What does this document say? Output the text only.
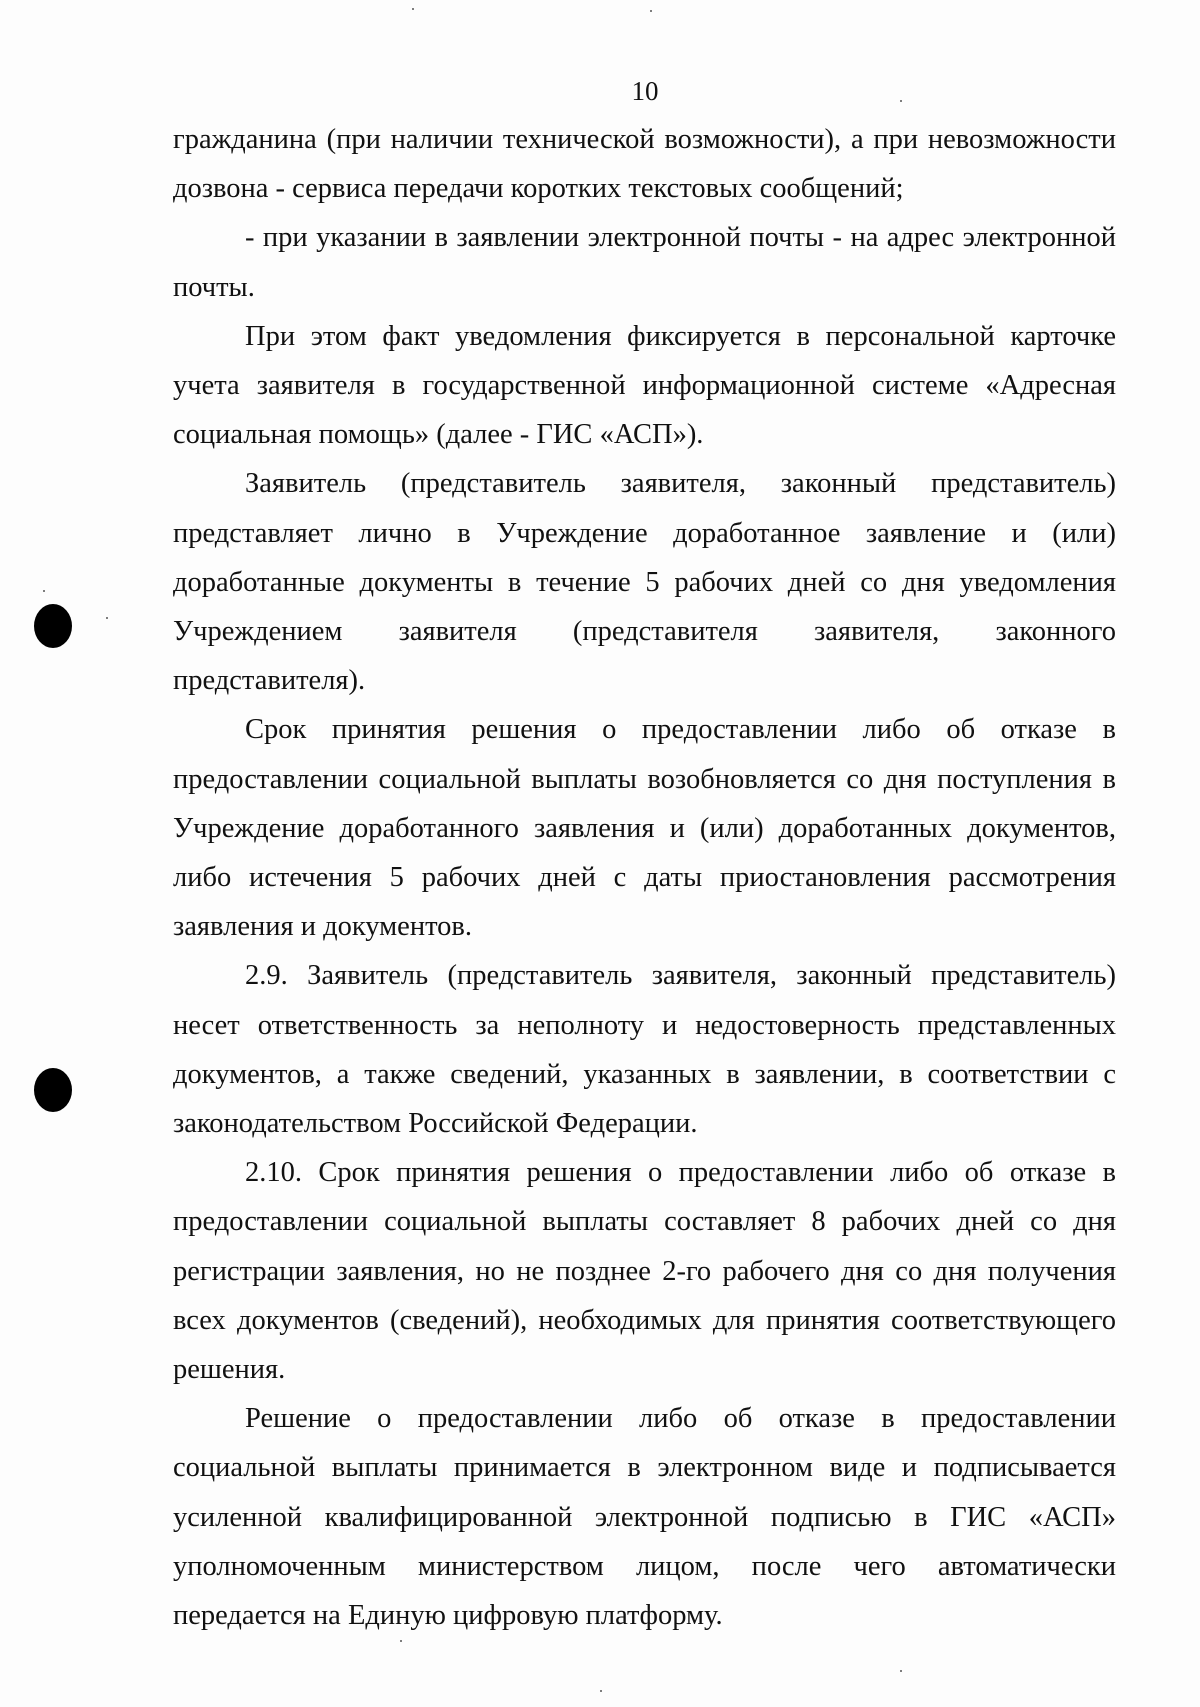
10

гражданина (при наличии технической возможности), а при невозможности дозвона - сервиса передачи коротких текстовых сообщений;

- при указании в заявлении электронной почты - на адрес электронной почты.

При этом факт уведомления фиксируется в персональной карточке учета заявителя в государственной информационной системе «Адресная социальная помощь» (далее - ГИС «АСП»).

Заявитель (представитель заявителя, законный представитель) представляет лично в Учреждение доработанное заявление и (или) доработанные документы в течение 5 рабочих дней со дня уведомления Учреждением заявителя (представителя заявителя, законного представителя).

Срок принятия решения о предоставлении либо об отказе в предоставлении социальной выплаты возобновляется со дня поступления в Учреждение доработанного заявления и (или) доработанных документов, либо истечения 5 рабочих дней с даты приостановления рассмотрения заявления и документов.

2.9. Заявитель (представитель заявителя, законный представитель) несет ответственность за неполноту и недостоверность представленных документов, а также сведений, указанных в заявлении, в соответствии с законодательством Российской Федерации.

2.10. Срок принятия решения о предоставлении либо об отказе в предоставлении социальной выплаты составляет 8 рабочих дней со дня регистрации заявления, но не позднее 2-го рабочего дня со дня получения всех документов (сведений), необходимых для принятия соответствующего решения.

Решение о предоставлении либо об отказе в предоставлении социальной выплаты принимается в электронном виде и подписывается усиленной квалифицированной электронной подписью в ГИС «АСП» уполномоченным министерством лицом, после чего автоматически передается на Единую цифровую платформу.
